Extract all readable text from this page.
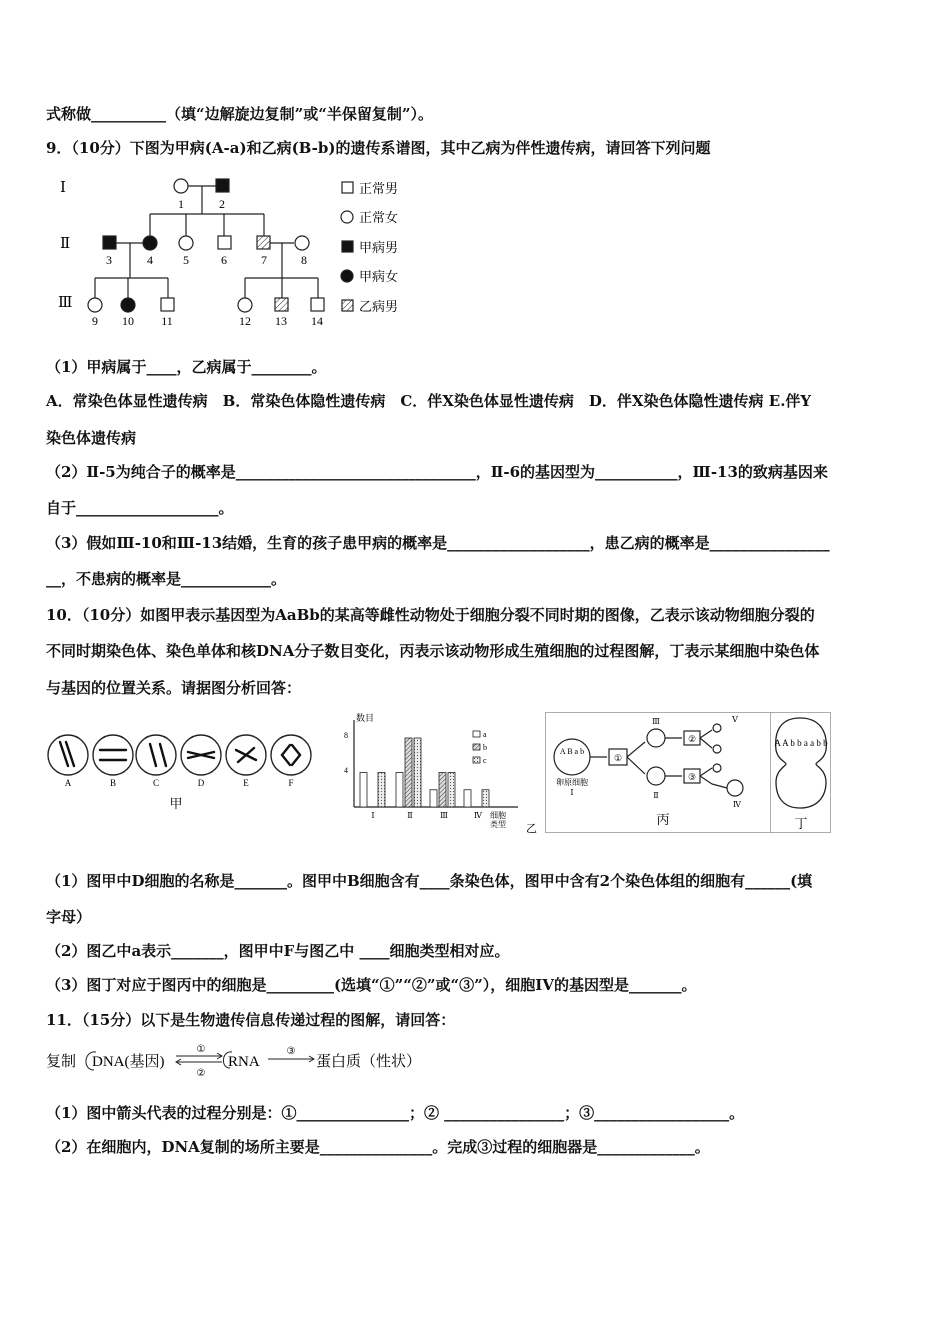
式称做__________（填“边解旋边复制”或“半保留复制”）。
9．（10分）下图为甲病(A-a)和乙病(B-b)的遗传系谱图，其中乙病为伴性遗传病，请回答下列问题
Ⅰ
Ⅱ
Ⅲ
1	2
3	4	5	6	7	8
9 10 11	12 13 14
正常男
正常女
甲病男
甲病女
乙病男
（1）甲病属于____，乙病属于________。
A．常染色体显性遗传病　B．常染色体隐性遗传病　C．伴X染色体显性遗传病　D．伴X染色体隐性遗传病 E.伴Y
染色体遗传病
（2）Ⅱ-5为纯合子的概率是________________________________，Ⅱ-6的基因型为___________，Ⅲ-13的致病基因来
自于___________________。
（3）假如Ⅲ-10和Ⅲ-13结婚，生育的孩子患甲病的概率是___________________，患乙病的概率是________________
__，不患病的概率是____________。
10．（10分）如图甲表示基因型为AaBb的某高等雌性动物处于细胞分裂不同时期的图像，乙表示该动物细胞分裂的
不同时期染色体、染色单体和核DNA分子数目变化，丙表示该动物形成生殖细胞的过程图解，丁表示某细胞中染色体
与基因的位置关系。请据图分析回答：
A	B	C	D	E	F
甲
数目
8
4
Ⅰ	Ⅱ	Ⅲ	Ⅳ 细胞
类型
a
b
c
乙
A B a b
卵原细胞
Ⅰ
①
②
③
Ⅱ
Ⅲ
Ⅳ
Ⅴ
丙
A A b b a a b b
丁
（1）图甲中D细胞的名称是_______。图甲中B细胞含有____条染色体，图甲中含有2个染色体组的细胞有______(填
字母）
（2）图乙中a表示_______，图甲中F与图乙中 ____细胞类型相对应。
（3）图丁对应于图丙中的细胞是_________(选填“①”“②”或“③”），细胞IV的基因型是_______。
11．（15分）以下是生物遗传信息传递过程的图解，请回答：
复制 DNA(基因)	RNA	蛋白质（性状）
①
②
③
（1）图中箭头代表的过程分别是：①_______________；② ________________；③__________________。
（2）在细胞内，DNA复制的场所主要是_______________。完成③过程的细胞器是_____________。
